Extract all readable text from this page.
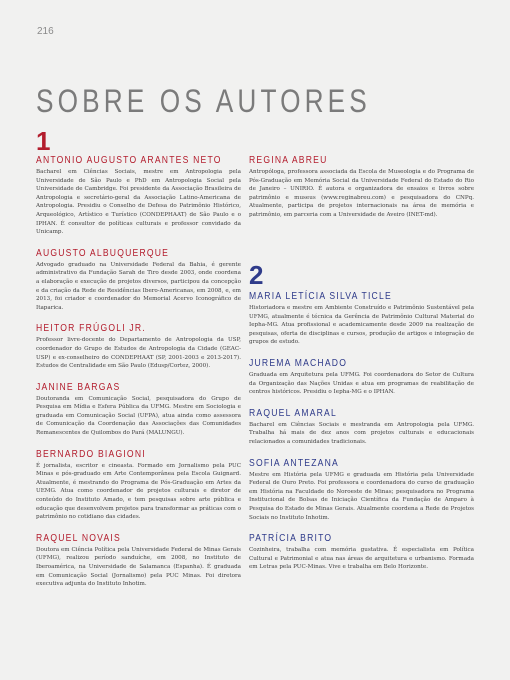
216
SOBRE OS AUTORES
1
2

ANTONIO AUGUSTO ARANTES NETO

Bacharel em Ciências Sociais, mestre em Antropologia pela Universidade de São Paulo e PhD em Antropologia Social pela Universidade de Cambridge. Foi presidente da Associação Brasileira de Antropologia e secretário-geral da Associação Latino-Americana de Antropologia. Presidiu o Conselho de Defesa do Patrimônio Histórico, Arqueológico, Artístico e Turístico (CONDEPHAAT) de São Paulo e o IPHAN. É consultor de políticas culturais e professor convidado da Unicamp.

AUGUSTO ALBUQUERQUE

Advogado graduado na Universidade Federal da Bahia, é gerente administrativo da Fundação Sarah de Tiro desde 2003, onde coordena a elaboração e execução de projetos diversos, participou da concepção e da criação da Rede de Residências Ibero-Americanas, em 2008, e, em 2013, foi criador e coordenador do Memorial Acervo Iconográfico de Itaparica.

HEITOR FRÚGOLI JR.

Professor livre-docente do Departamento de Antropologia da USP, coordenador do Grupo de Estudos de Antropologia da Cidade (GEAC-USP) e ex-conselheiro do CONDEPHAAT (SP, 2001-2003 e 2013-2017). Estudos de Centralidade em São Paulo (Edusp/Cortez, 2000).

JANINE BARGAS

Doutoranda em Comunicação Social, pesquisadora do Grupo de Pesquisa em Mídia e Esfera Pública da UFMG. Mestre em Sociologia e graduada em Comunicação Social (UFPA), atua ainda como assessora de Comunicação da Coordenação das Associações das Comunidades Remanescentes de Quilombos do Pará (MALUNGU).

BERNARDO BIAGIONI

É jornalista, escritor e cineasta. Formado em Jornalismo pela PUC Minas e pós-graduado em Arte Contemporânea pela Escola Guignard. Atualmente, é mestrando do Programa de Pós-Graduação em Artes da UEMG. Atua como coordenador de projetos culturais e diretor de conteúdo do Instituto Amado, e tem pesquisas sobre arte pública e educação que desenvolvem projetos para transformar as práticas com o patrimônio no cotidiano das cidades.

RAQUEL NOVAIS

Doutora em Ciência Política pela Universidade Federal de Minas Gerais (UFMG), realizou período sanduíche, em 2008, no Instituto de Iberoamérica, na Universidade de Salamanca (Espanha). É graduada em Comunicação Social (Jornalismo) pela PUC Minas. Foi diretora executiva adjunta do Instituto Inhotim.

REGINA ABREU

Antropóloga, professora associada da Escola de Museologia e do Programa de Pós-Graduação em Memória Social da Universidade Federal do Estado do Rio de Janeiro – UNIRIO. É autora e organizadora de ensaios e livros sobre patrimônio e museus (www.reginabreu.com) e pesquisadora do CNPq. Atualmente, participa de projetos internacionais na área de memória e patrimônio, em parceria com a Universidade de Aveiro (INET-md).

MARIA LETÍCIA SILVA TICLE

Historiadora e mestre em Ambiente Construído e Patrimônio Sustentável pela UFMG, atualmente é técnica da Gerência de Patrimônio Cultural Material do Iepha-MG. Atua profissional e academicamente desde 2009 na realização de pesquisas, oferta de disciplinas e cursos, produção de artigos e integração de grupos de estudo.

JUREMA MACHADO

Graduada em Arquitetura pela UFMG. Foi coordenadora do Setor de Cultura da Organização das Nações Unidas e atua em programas de reabilitação de centros históricos. Presidiu o Iepha-MG e o IPHAN.

RAQUEL AMARAL

Bacharel em Ciências Sociais e mestranda em Antropologia pela UFMG. Trabalha há mais de dez anos com projetos culturais e educacionais relacionados a comunidades tradicionais.

SOFIA ANTEZANA

Mestre em História pela UFMG e graduada em História pela Universidade Federal de Ouro Preto. Foi professora e coordenadora do curso de graduação em História na Faculdade do Noroeste de Minas; pesquisadora no Programa Institucional de Bolsas de Iniciação Científica da Fundação de Amparo à Pesquisa do Estado de Minas Gerais. Atualmente coordena a Rede de Projetos Sociais no Instituto Inhotim.

PATRÍCIA BRITO

Cozinheira, trabalha com memória gustativa. É especialista em Política Cultural e Patrimonial e atua nas áreas de arquitetura e urbanismo. Formada em Letras pela PUC-Minas. Vive e trabalha em Belo Horizonte.
